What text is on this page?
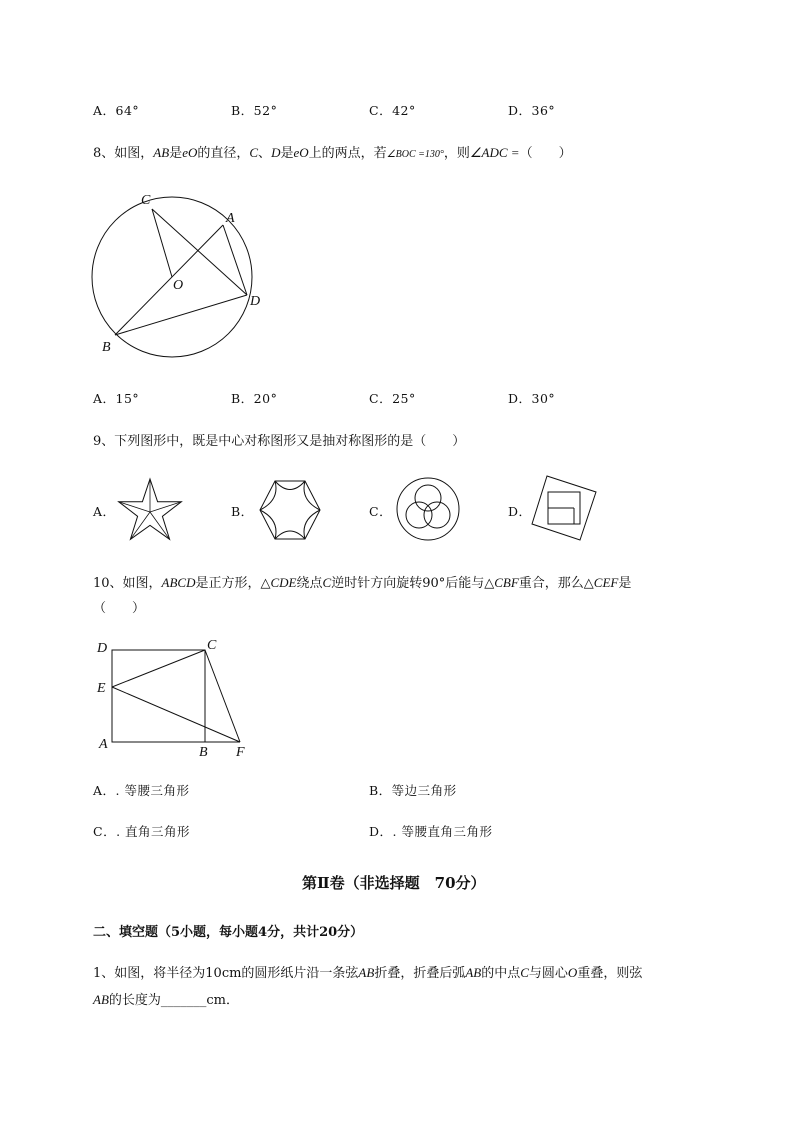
A．64°	B．52°	C．42°	D．36°
8、如图，AB是eO的直径，C、D是eO上的两点，若∠BOC =130°，则∠ADC =（　　）
C
A
O
D
B
A．15°	B．20°	C．25°	D．30°
9、下列图形中，既是中心对称图形又是抽对称图形的是（　　）
A．	B．	C．	D．
10、如图，ABCD是正方形，△CDE绕点C逆时针方向旋转90°后能与△CBF重合，那么△CEF是
（　　）
D	C
E
A
B F
A．. 等腰三角形	B．等边三角形
C．. 直角三角形	D．. 等腰直角三角形
第Ⅱ卷（非选择题　70分）
二、填空题（5小题，每小题4分，共计20分）
1、如图，将半径为10cm的圆形纸片沿一条弦AB折叠，折叠后弧AB的中点C与圆心O重叠，则弦
AB的长度为_______cm．
